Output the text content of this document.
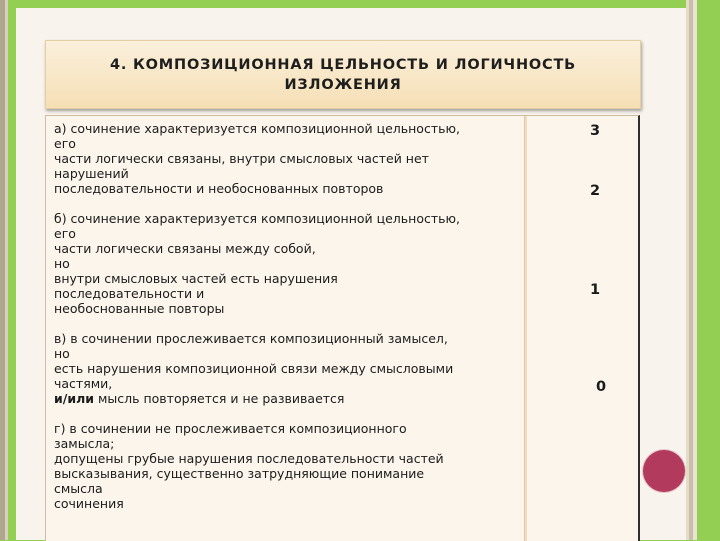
4. КОМПОЗИЦИОННАЯ ЦЕЛЬНОСТЬ И ЛОГИЧНОСТЬ
ИЗЛОЖЕНИЯ
а) сочинение характеризуется композиционной цельностью,
его
части логически связаны, внутри смысловых частей нет
нарушений
последовательности и необоснованных повторов
б) сочинение характеризуется композиционной цельностью,
его
части логически связаны между собой,
но
внутри смысловых частей есть нарушения
последовательности и
необоснованные повторы
в) в сочинении прослеживается композиционный замысел,
но
есть нарушения композиционной связи между смысловыми
частями,
и/или мысль повторяется и не развивается
г) в сочинении не прослеживается композиционного
замысла;
допущены грубые нарушения последовательности частей
высказывания, существенно затрудняющие понимание
смысла
сочинения
3
2
1
0
